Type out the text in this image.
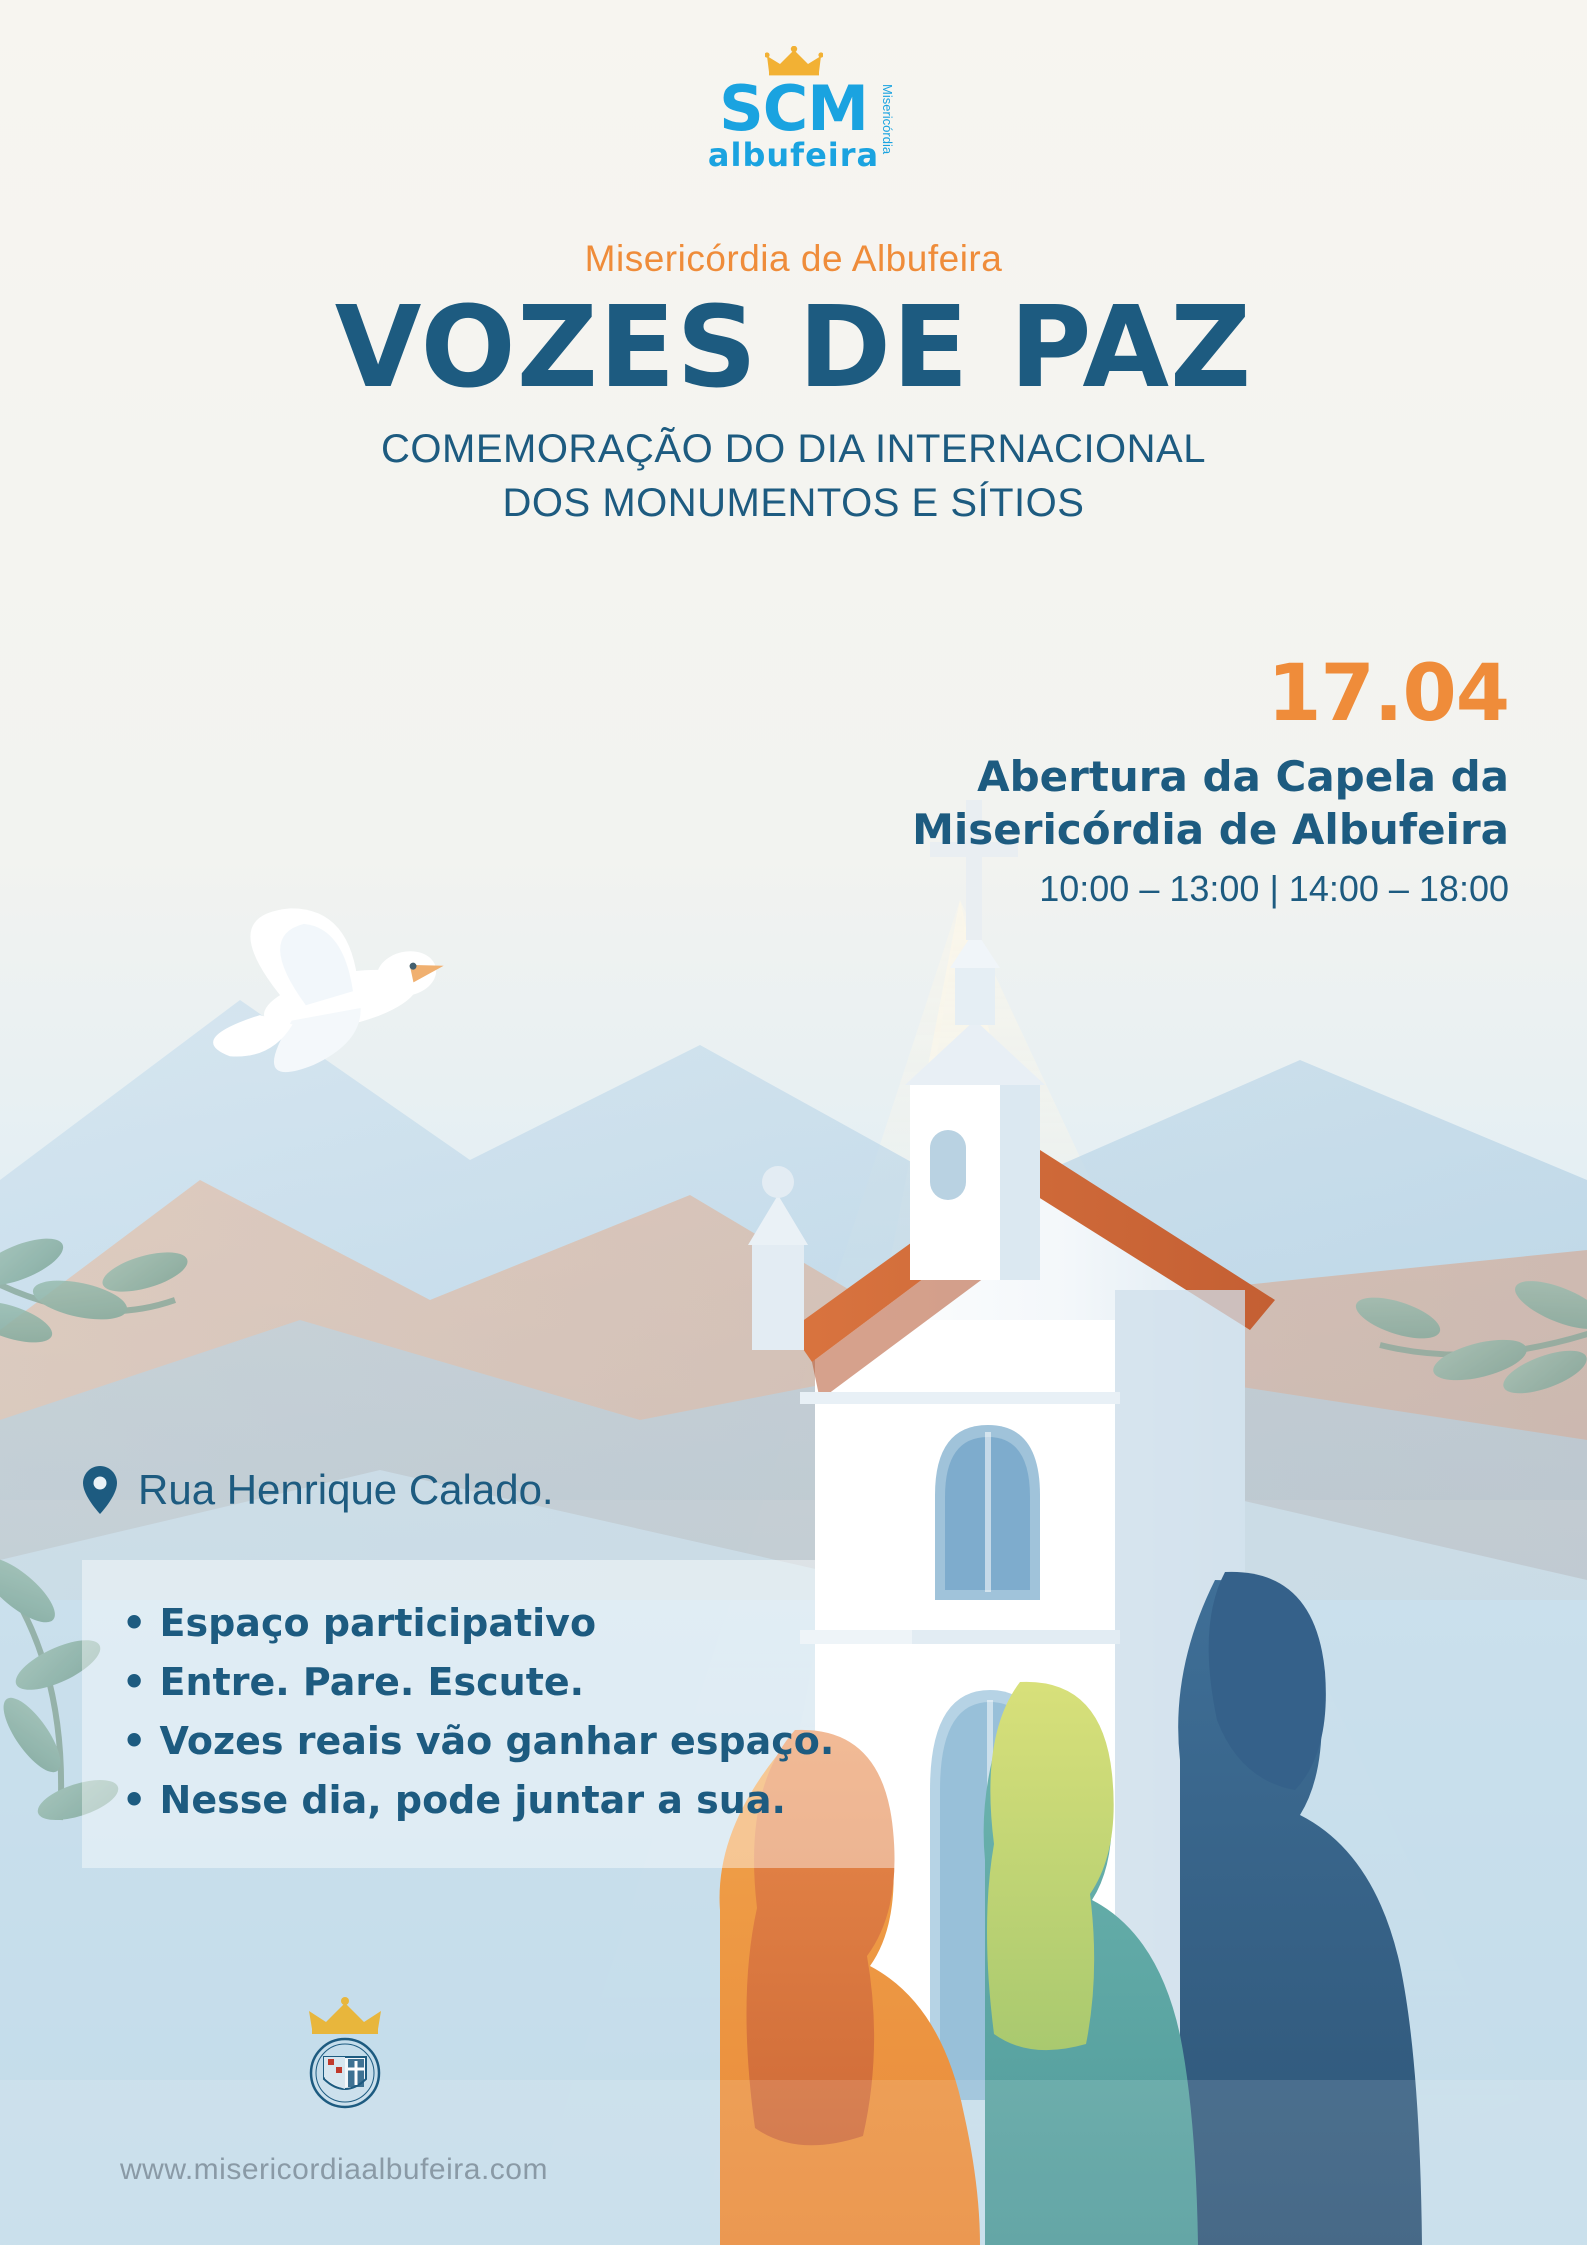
SCM Misericórdia
albufeira
Misericórdia de Albufeira
VOZES DE PAZ
COMEMORAÇÃO DO DIA INTERNACIONAL
DOS MONUMENTOS E SÍTIOS
17.04
Abertura da Capela da
Misericórdia de Albufeira
10:00 – 13:00 | 14:00 – 18:00
Rua Henrique Calado.
• Espaço participativo
• Entre. Pare. Escute.
• Vozes reais vão ganhar espaço.
• Nesse dia, pode juntar a sua.
www.misericordiaalbufeira.com
